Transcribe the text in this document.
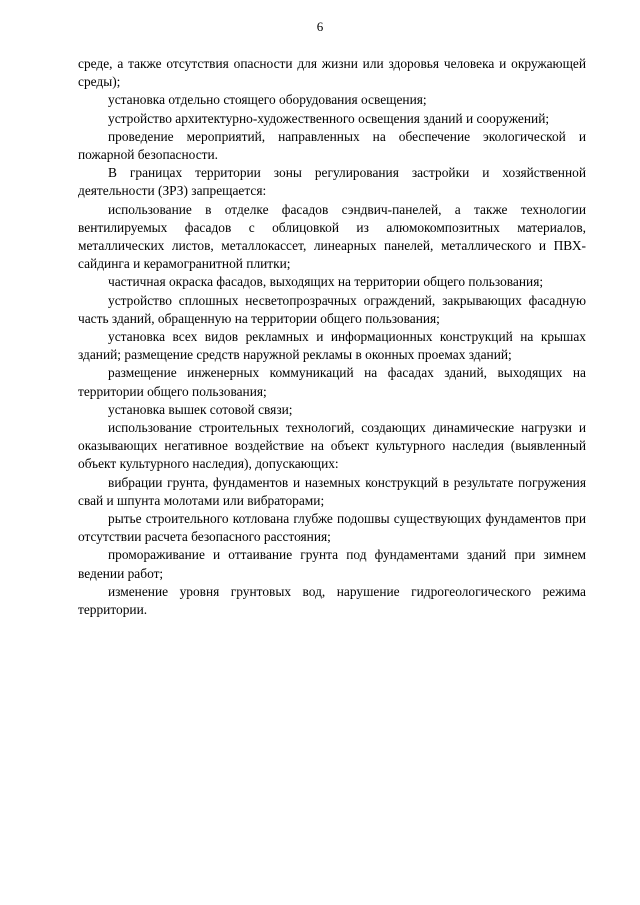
6

среде, а также отсутствия опасности для жизни или здоровья человека и окружающей среды);

установка отдельно стоящего оборудования освещения;

устройство архитектурно-художественного освещения зданий и сооружений;

проведение мероприятий, направленных на обеспечение экологической и пожарной безопасности.

В границах территории зоны регулирования застройки и хозяйственной деятельности (ЗРЗ) запрещается:

использование в отделке фасадов сэндвич-панелей, а также технологии вентилируемых фасадов с облицовкой из алюмокомпозитных материалов, металлических листов, металлокассет, линеарных панелей, металлического и ПВХ-сайдинга и керамогранитной плитки;

частичная окраска фасадов, выходящих на территории общего пользования;

устройство сплошных несветопрозрачных ограждений, закрывающих фасадную часть зданий, обращенную на территории общего пользования;

установка всех видов рекламных и информационных конструкций на крышах зданий; размещение средств наружной рекламы в оконных проемах зданий;

размещение инженерных коммуникаций на фасадах зданий, выходящих на территории общего пользования;

установка вышек сотовой связи;

использование строительных технологий, создающих динамические нагрузки и оказывающих негативное воздействие на объект культурного наследия (выявленный объект культурного наследия), допускающих:

вибрации грунта, фундаментов и наземных конструкций в результате погружения свай и шпунта молотами или вибраторами;

рытье строительного котлована глубже подошвы существующих фундаментов при отсутствии расчета безопасного расстояния;

промораживание и оттаивание грунта под фундаментами зданий при зимнем ведении работ;

изменение уровня грунтовых вод, нарушение гидрогеологического режима территории.
